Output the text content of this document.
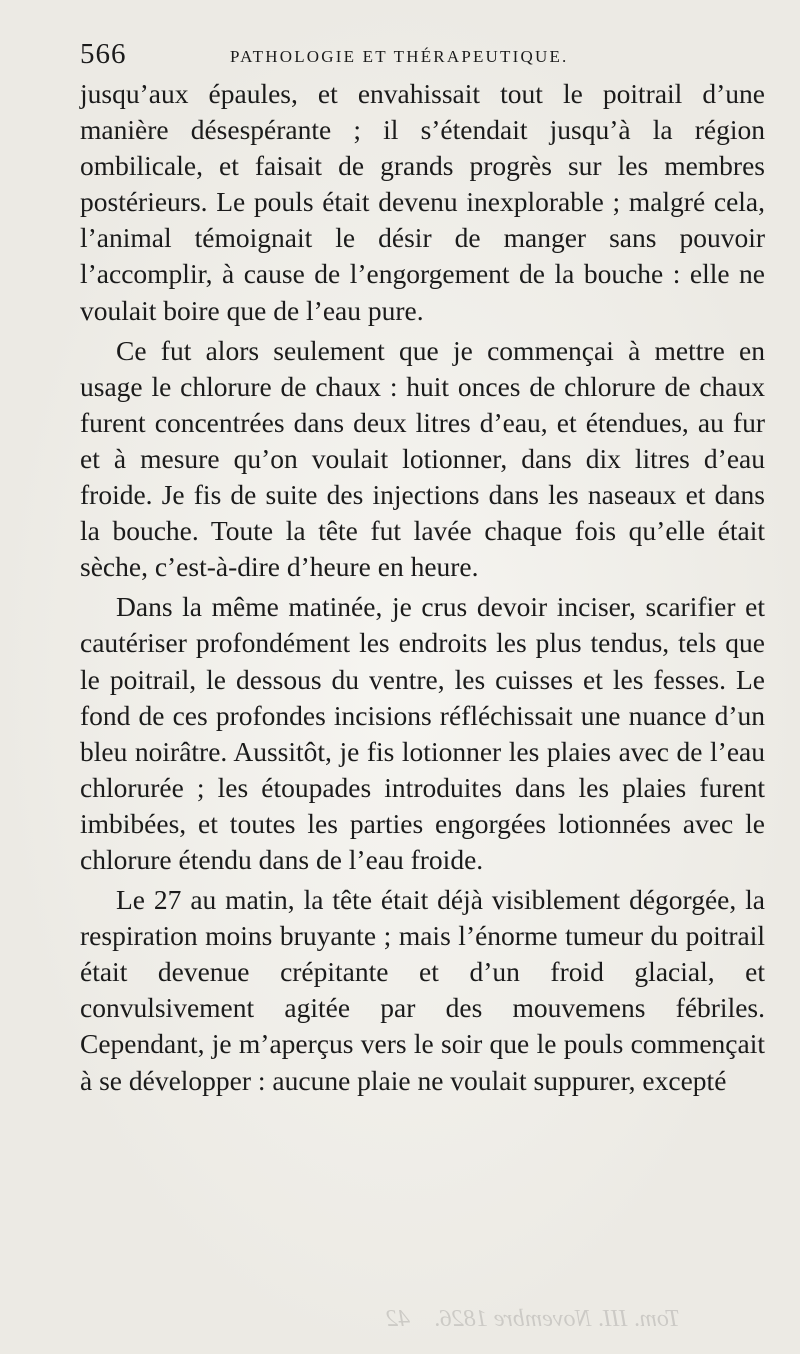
566	PATHOLOGIE ET THÉRAPEUTIQUE.

jusqu’aux épaules, et envahissait tout le poitrail d’une manière désespérante ; il s’étendait jusqu’à la région ombilicale, et faisait de grands progrès sur les membres postérieurs. Le pouls était devenu inexplorable ; malgré cela, l’animal témoignait le désir de manger sans pouvoir l’accomplir, à cause de l’engorgement de la bouche : elle ne voulait boire que de l’eau pure.

Ce fut alors seulement que je commençai à mettre en usage le chlorure de chaux : huit onces de chlorure de chaux furent concentrées dans deux litres d’eau, et étendues, au fur et à mesure qu’on voulait lotionner, dans dix litres d’eau froide. Je fis de suite des injections dans les naseaux et dans la bouche. Toute la tête fut lavée chaque fois qu’elle était sèche, c’est-à-dire d’heure en heure.

Dans la même matinée, je crus devoir inciser, scarifier et cautériser profondément les endroits les plus tendus, tels que le poitrail, le dessous du ventre, les cuisses et les fesses. Le fond de ces profondes incisions réfléchissait une nuance d’un bleu noirâtre. Aussitôt, je fis lotionner les plaies avec de l’eau chlorurée ; les étoupades introduites dans les plaies furent imbibées, et toutes les parties engorgées lotionnées avec le chlorure étendu dans de l’eau froide.

Le 27 au matin, la tête était déjà visiblement dégorgée, la respiration moins bruyante ; mais l’énorme tumeur du poitrail était devenue crépitante et d’un froid glacial, et convulsivement agitée par des mouvemens fébriles. Cependant, je m’aperçus vers le soir que le pouls commençait à se développer : aucune plaie ne voulait suppurer, excepté

Tom. III. Novembre 1826.
42
